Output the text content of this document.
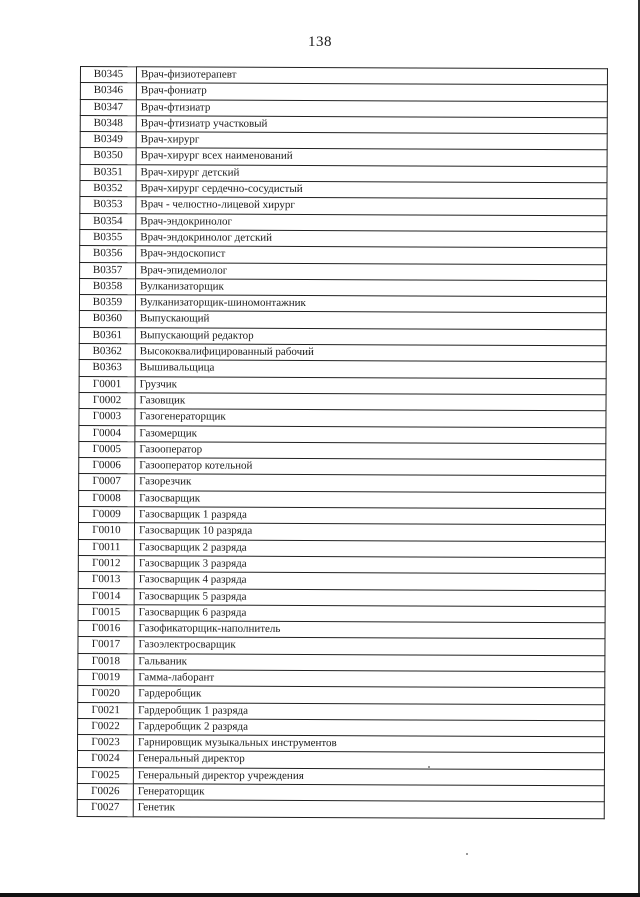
138
В0345	Врач-физиотерапевт
В0346	Врач-фониатр
В0347	Врач-фтизиатр
В0348	Врач-фтизиатр участковый
В0349	Врач-хирург
В0350	Врач-хирург всех наименований
В0351	Врач-хирург детский
В0352	Врач-хирург сердечно-сосудистый
В0353	Врач - челюстно-лицевой хирург
В0354	Врач-эндокринолог
В0355	Врач-эндокринолог детский
В0356	Врач-эндоскопист
В0357	Врач-эпидемиолог
В0358	Вулканизаторщик
В0359	Вулканизаторщик-шиномонтажник
В0360	Выпускающий
В0361	Выпускающий редактор
В0362	Высококвалифицированный рабочий
В0363	Вышивальщица
Г0001	Грузчик
Г0002	Газовщик
Г0003	Газогенераторщик
Г0004	Газомерщик
Г0005	Газооператор
Г0006	Газооператор котельной
Г0007	Газорезчик
Г0008	Газосварщик
Г0009	Газосварщик 1 разряда
Г0010	Газосварщик 10 разряда
Г0011	Газосварщик 2 разряда
Г0012	Газосварщик 3 разряда
Г0013	Газосварщик 4 разряда
Г0014	Газосварщик 5 разряда
Г0015	Газосварщик 6 разряда
Г0016	Газофикаторщик-наполнитель
Г0017	Газоэлектросварщик
Г0018	Гальваник
Г0019	Гамма-лаборант
Г0020	Гардеробщик
Г0021	Гардеробщик 1 разряда
Г0022	Гардеробщик 2 разряда
Г0023	Гарнировщик музыкальных инструментов
Г0024	Генеральный директор
Г0025	Генеральный директор учреждения
Г0026	Генераторщик
Г0027	Генетик
